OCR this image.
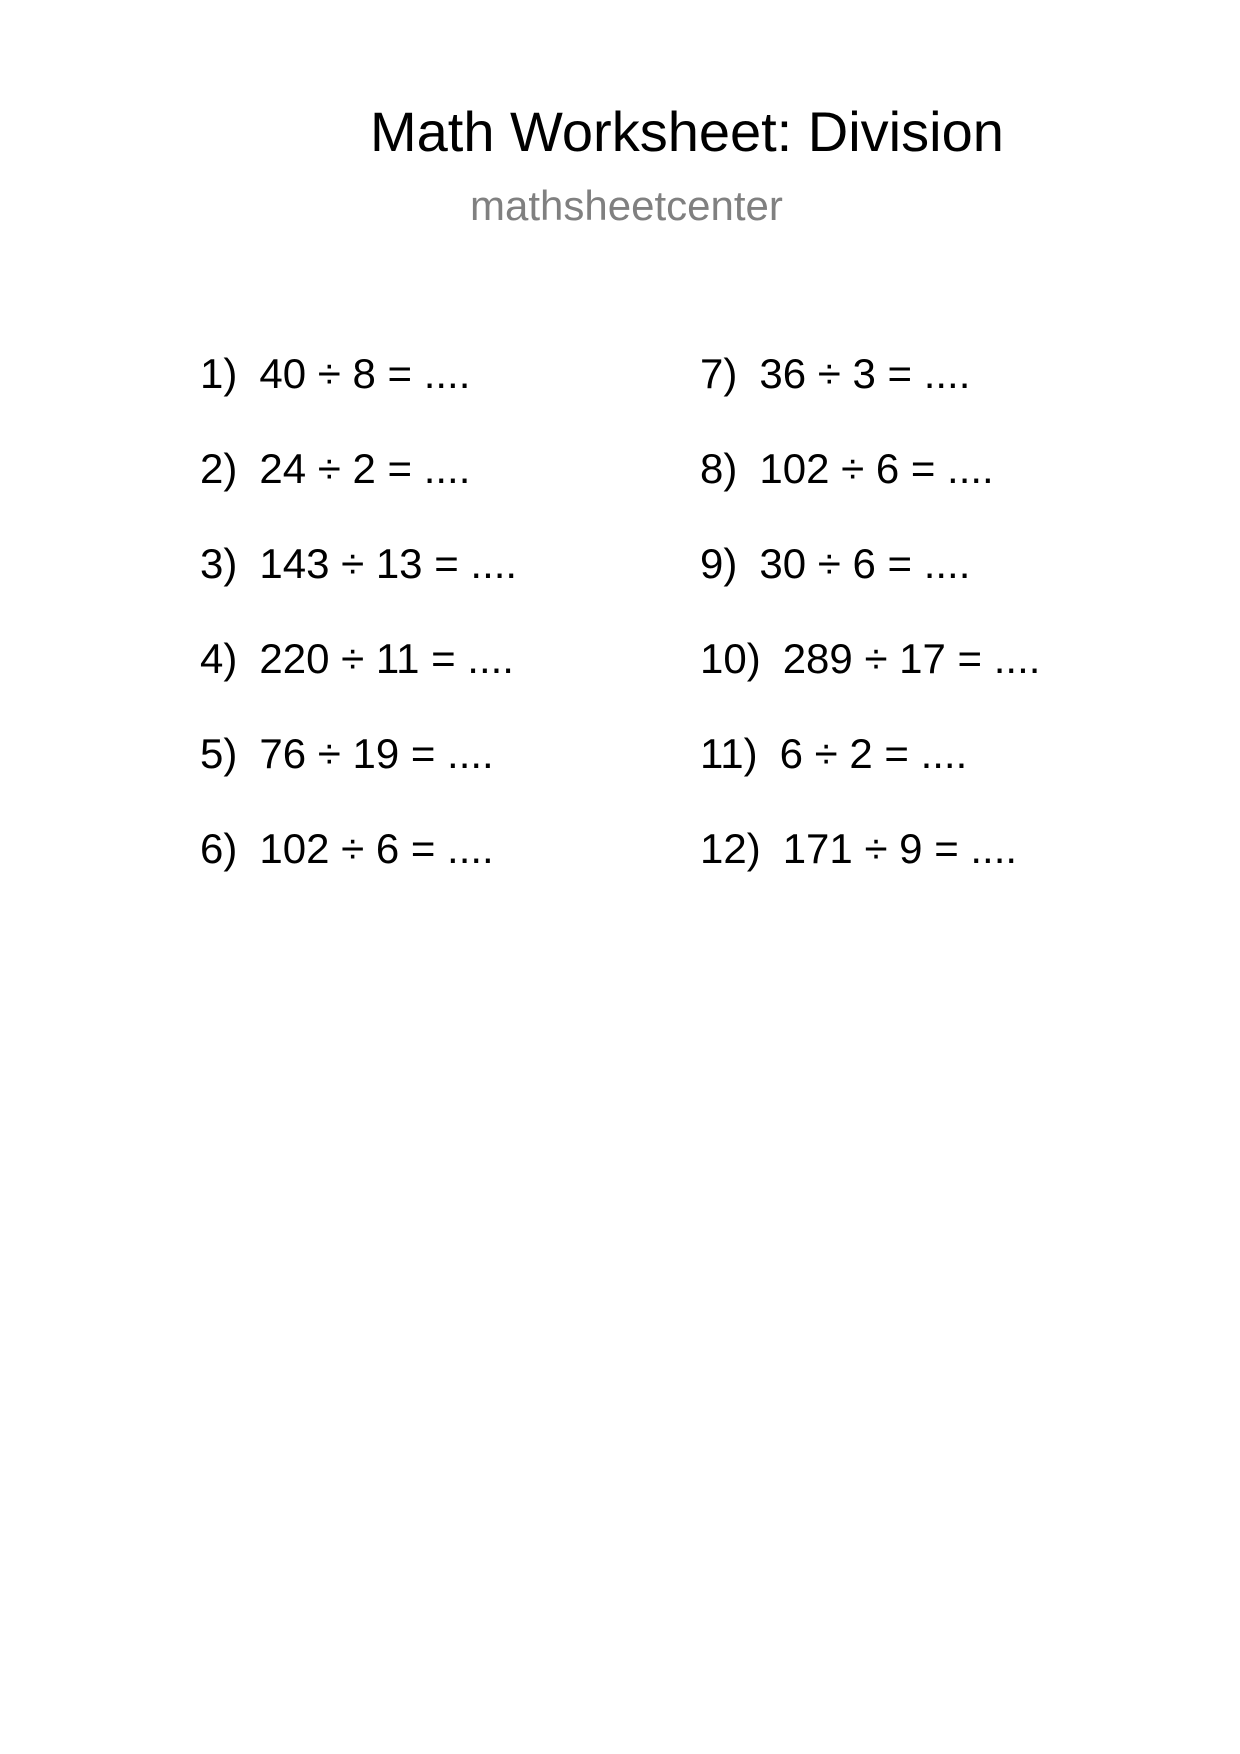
Math Worksheet: Division
mathsheetcenter
1) 40 ÷ 8 = ....
2) 24 ÷ 2 = ....
3) 143 ÷ 13 = ....
4) 220 ÷ 11 = ....
5) 76 ÷ 19 = ....
6) 102 ÷ 6 = ....
7) 36 ÷ 3 = ....
8) 102 ÷ 6 = ....
9) 30 ÷ 6 = ....
10) 289 ÷ 17 = ....
11) 6 ÷ 2 = ....
12) 171 ÷ 9 = ....
